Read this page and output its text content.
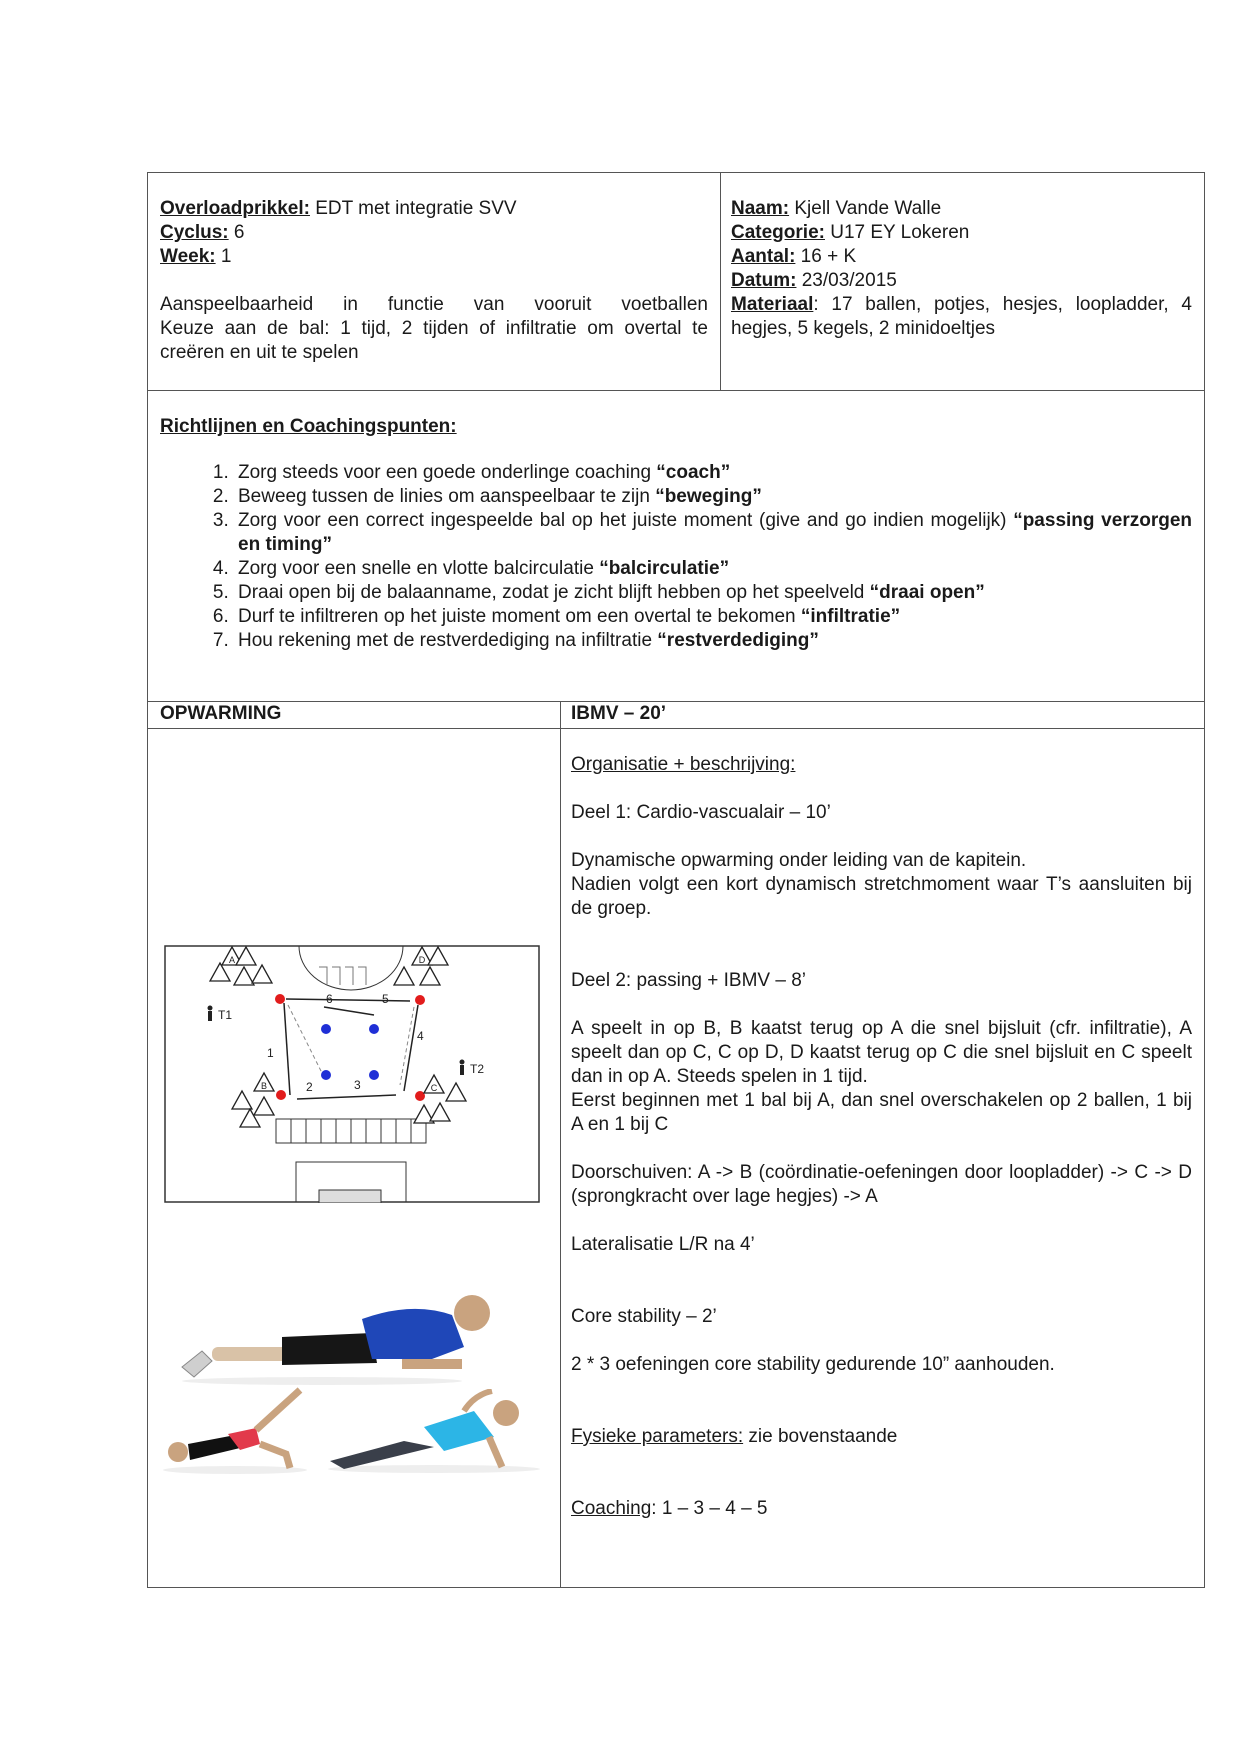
Overloadprikkel: EDT met integratie SVV
Cyclus: 6
Week: 1
Aanspeelbaarheid in functie van vooruit voetballen
Keuze aan de bal: 1 tijd, 2 tijden of infiltratie om overtal te creëren en uit te spelen
Naam: Kjell Vande Walle
Categorie: U17 EY Lokeren
Aantal: 16 + K
Datum: 23/03/2015
Materiaal: 17 ballen, potjes, hesjes, loopladder, 4 hegjes, 5 kegels, 2 minidoeltjes
Richtlijnen en Coachingspunten:
1. Zorg steeds voor een goede onderlinge coaching “coach”
2. Beweeg tussen de linies om aanspeelbaar te zijn “beweging”
3. Zorg voor een correct ingespeelde bal op het juiste moment (give and go indien mogelijk) “passing verzorgen en timing”
4. Zorg voor een snelle en vlotte balcirculatie “balcirculatie”
5. Draai open bij de balaanname, zodat je zicht blijft hebben op het speelveld “draai open”
6. Durf te infiltreren op het juiste moment om een overtal te bekomen “infiltratie”
7. Hou rekening met de restverdediging na infiltratie “restverdediging”
OPWARMING	IBMV – 20’
A	D
B	C
1
2	3
4
5
6
T1
T2

Organisatie + beschrijving:

Deel 1: Cardio-vascualair – 10’

Dynamische opwarming onder leiding van de kapitein.

Nadien volgt een kort dynamisch stretchmoment waar T’s aansluiten bij de groep.

Deel 2: passing + IBMV – 8’

A speelt in op B, B kaatst terug op A die snel bijsluit (cfr. infiltratie), A speelt dan op C, C op D, D kaatst terug op C die snel bijsluit en C speelt dan in op A. Steeds spelen in 1 tijd.

Eerst beginnen met 1 bal bij A, dan snel overschakelen op 2 ballen, 1 bij A en 1 bij C

Doorschuiven: A -> B (coördinatie-oefeningen door loopladder) -> C -> D (sprongkracht over lage hegjes) -> A

Lateralisatie L/R na 4’

Core stability – 2’

2 * 3 oefeningen core stability gedurende 10” aanhouden.

Fysieke parameters: zie bovenstaande

Coaching: 1 – 3 – 4 – 5
